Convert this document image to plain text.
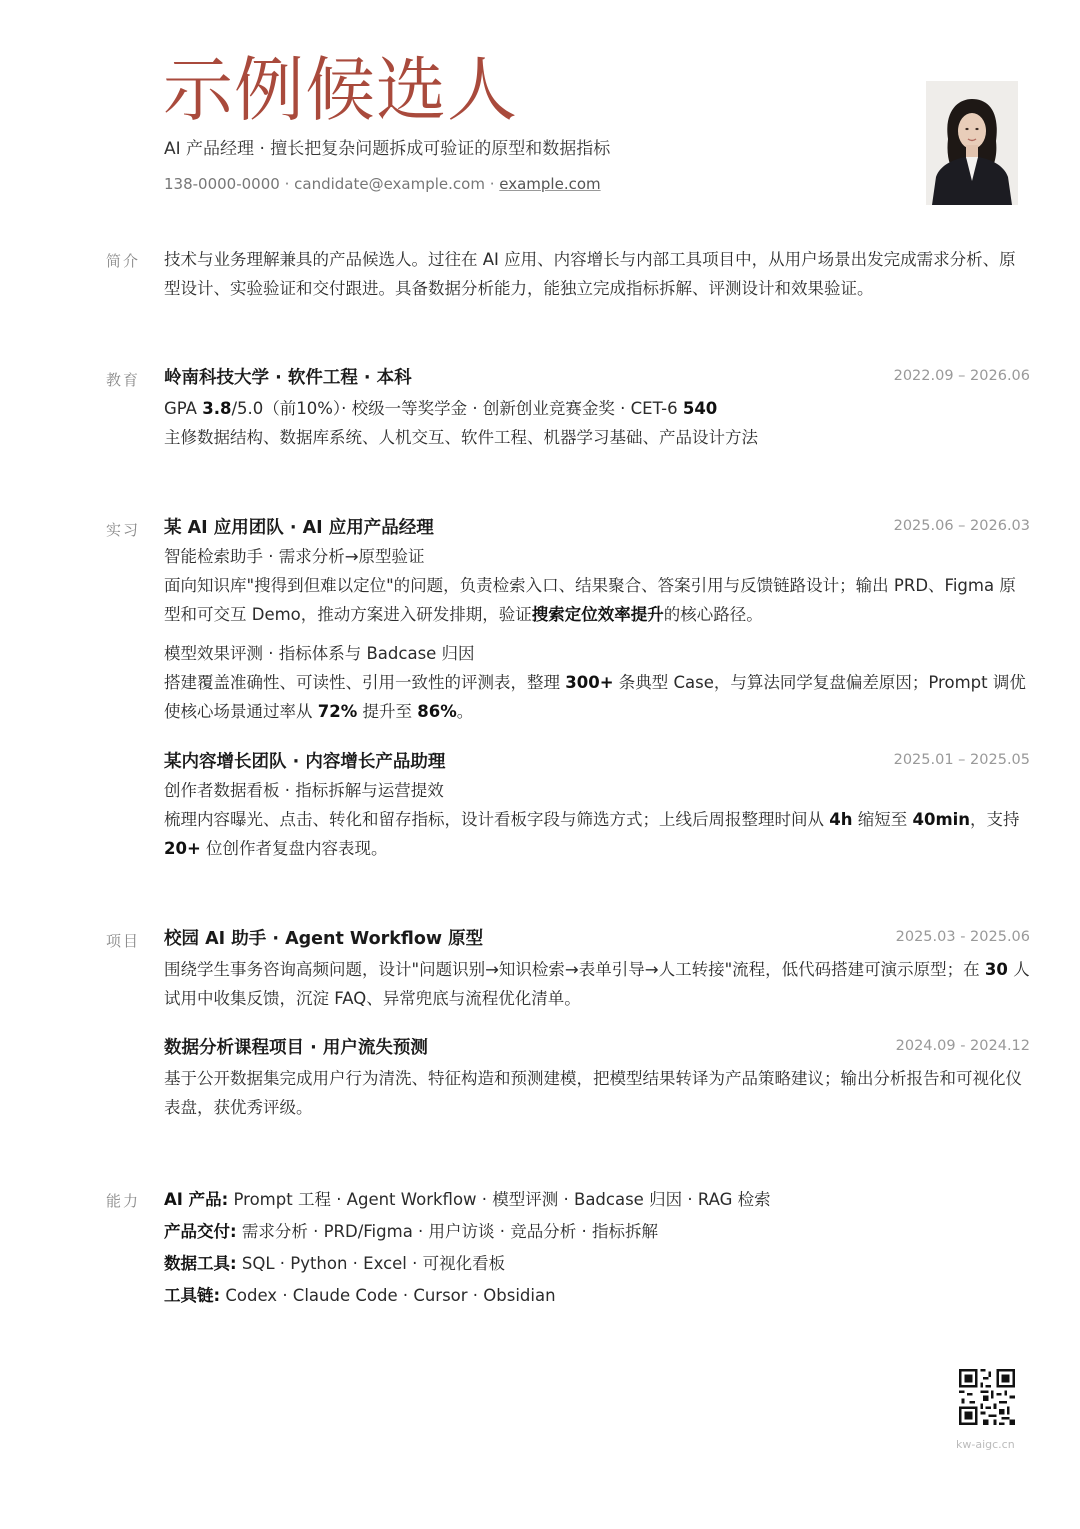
示例候选人
AI 产品经理 · 擅长把复杂问题拆成可验证的原型和数据指标
138-0000-0000 · candidate@example.com · example.com
简介 技术与业务理解兼具的产品候选人。过往在 AI 应用、内容增长与内部工具项目中，从用户场景出发完成需求分析、原型设计、实验验证和交付跟进。具备数据分析能力，能独立完成指标拆解、评测设计和效果验证。

教育 岭南科技大学 · 软件工程 · 本科	2022.09 – 2026.06
GPA 3.8/5.0（前10%）· 校级一等奖学金 · 创新创业竞赛金奖 · CET-6 540
主修数据结构、数据库系统、人机交互、软件工程、机器学习基础、产品设计方法
实习 某 AI 应用团队 · AI 应用产品经理	2025.06 – 2026.03
智能检索助手 · 需求分析→原型验证
面向知识库"搜得到但难以定位"的问题，负责检索入口、结果聚合、答案引用与反馈链路设计；输出 PRD、Figma 原型和可交互 Demo，推动方案进入研发排期，验证搜索定位效率提升的核心路径。
模型效果评测 · 指标体系与 Badcase 归因
搭建覆盖准确性、可读性、引用一致性的评测表，整理 300+ 条典型 Case，与算法同学复盘偏差原因；Prompt 调优使核心场景通过率从 72% 提升至 86%。
某内容增长团队 · 内容增长产品助理	2025.01 – 2025.05
创作者数据看板 · 指标拆解与运营提效
梳理内容曝光、点击、转化和留存指标，设计看板字段与筛选方式；上线后周报整理时间从 4h 缩短至 40min，支持 20+ 位创作者复盘内容表现。
项目 校园 AI 助手 · Agent Workflow 原型	2025.03 - 2025.06
围绕学生事务咨询高频问题，设计"问题识别→知识检索→表单引导→人工转接"流程，低代码搭建可演示原型；在 30 人试用中收集反馈，沉淀 FAQ、异常兜底与流程优化清单。
数据分析课程项目 · 用户流失预测	2024.09 - 2024.12
基于公开数据集完成用户行为清洗、特征构造和预测建模，把模型结果转译为产品策略建议；输出分析报告和可视化仪表盘，获优秀评级。
能力 AI 产品: Prompt 工程 · Agent Workflow · 模型评测 · Badcase 归因 · RAG 检索
产品交付: 需求分析 · PRD/Figma · 用户访谈 · 竞品分析 · 指标拆解
数据工具: SQL · Python · Excel · 可视化看板
工具链: Codex · Claude Code · Cursor · Obsidian
kw-aigc.cn
